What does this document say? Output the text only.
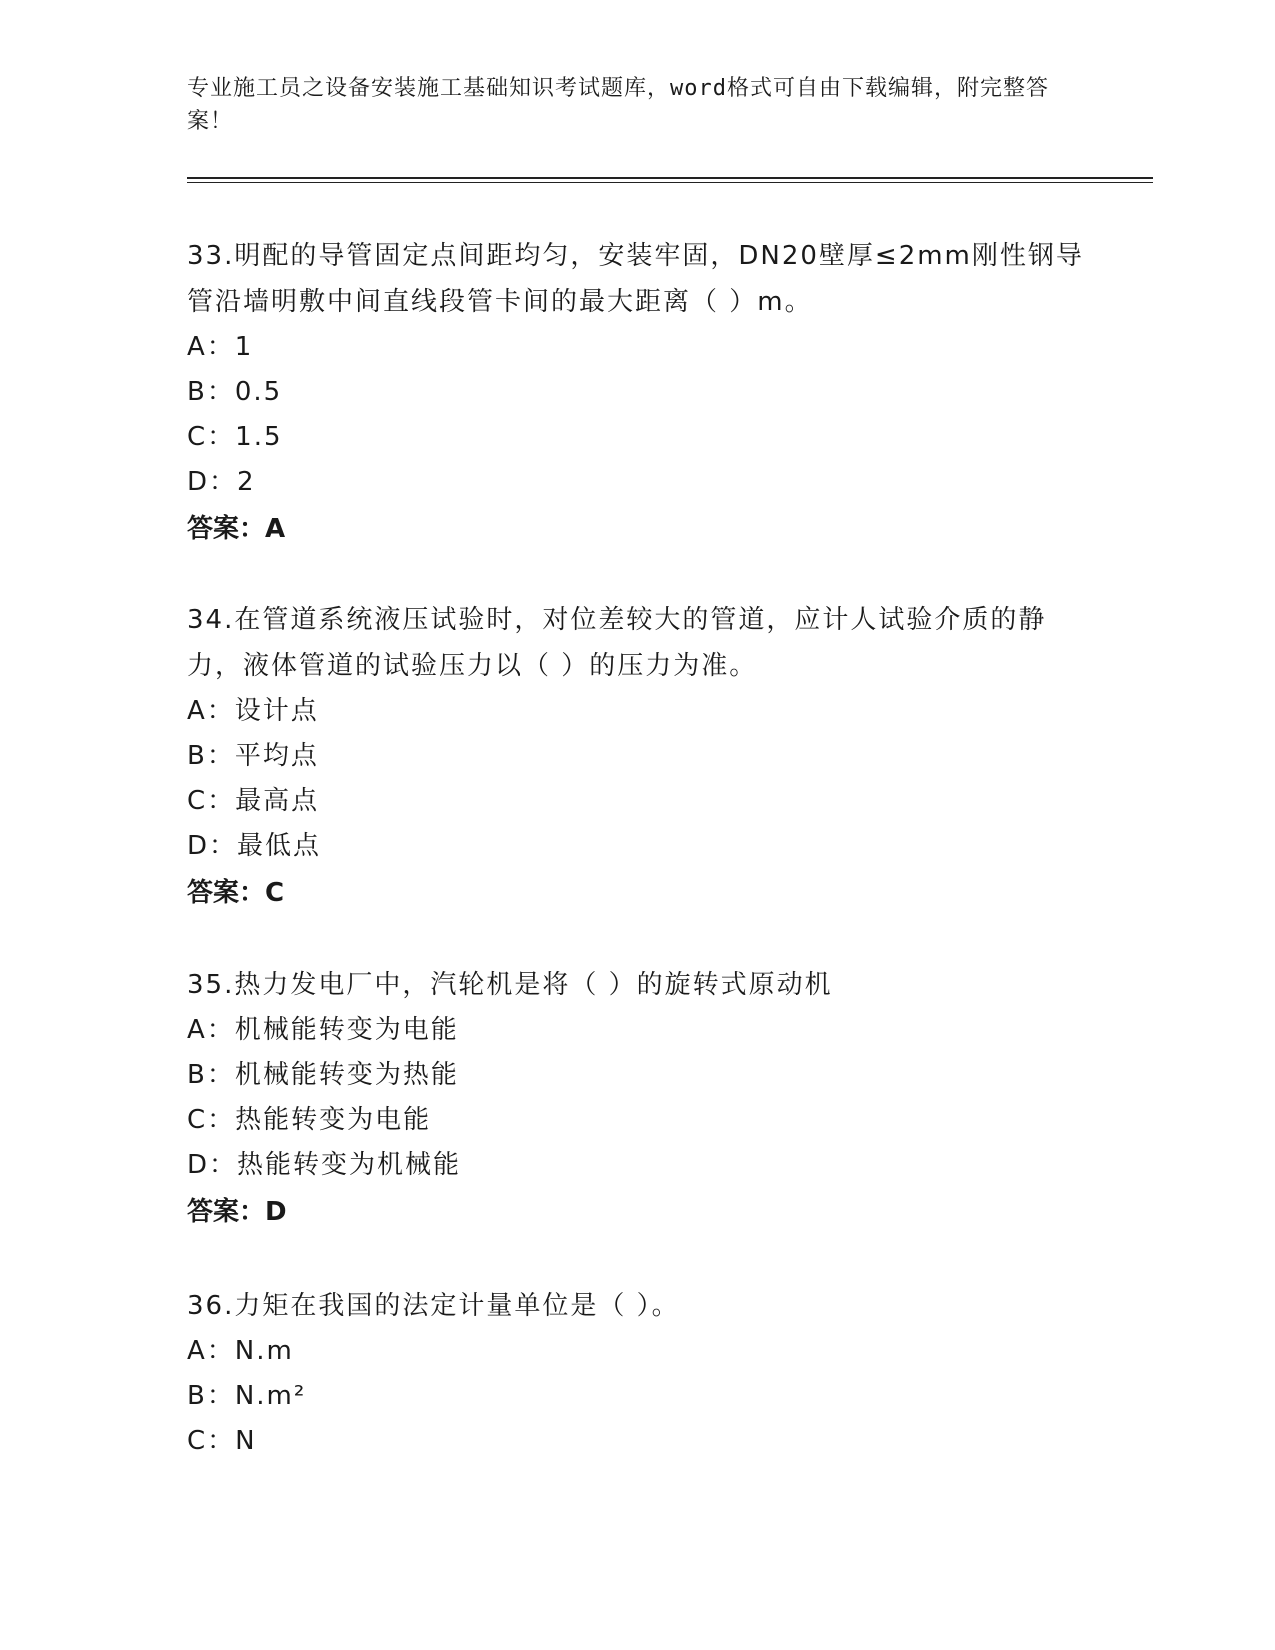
专业施工员之设备安装施工基础知识考试题库，word格式可自由下载编辑，附完整答案！
33.明配的导管固定点间距均匀，安装牢固，DN20壁厚≤2mm刚性钢导管沿墙明敷中间直线段管卡间的最大距离（ ）m。
A：1
B：0.5
C：1.5
D：2
答案：A
34.在管道系统液压试验时，对位差较大的管道，应计人试验介质的静力，液体管道的试验压力以（ ）的压力为准。
A：设计点
B：平均点
C：最高点
D：最低点
答案：C
35.热力发电厂中，汽轮机是将（ ）的旋转式原动机
A：机械能转变为电能
B：机械能转变为热能
C：热能转变为电能
D：热能转变为机械能
答案：D
36.力矩在我国的法定计量单位是（ ）。
A：N.m
B：N.m²
C：N
